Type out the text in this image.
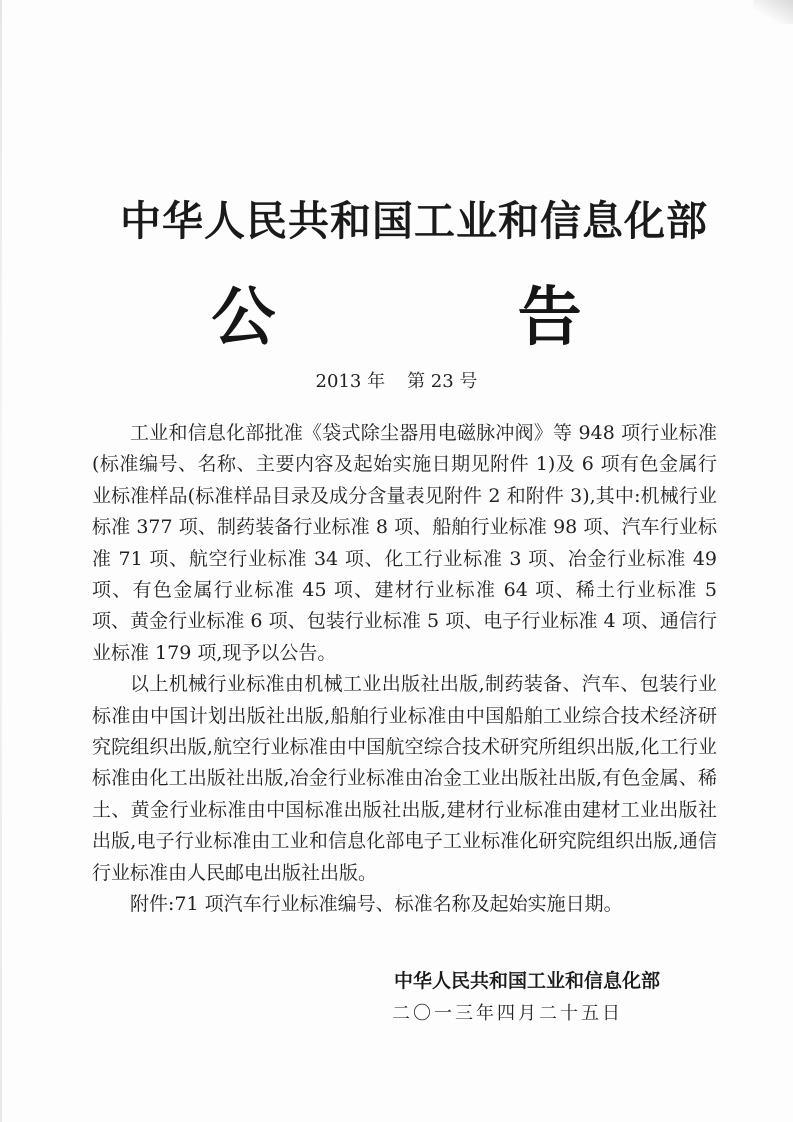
中华人民共和国工业和信息化部
公 告
2013 年 第 23 号

工业和信息化部批准《袋式除尘器用电磁脉冲阀》等 948 项行业标准(标准编号、名称、主要内容及起始实施日期见附件 1)及 6 项有色金属行业标准样品(标准样品目录及成分含量表见附件 2 和附件 3),其中:机械行业标准 377 项、制药装备行业标准 8 项、船舶行业标准 98 项、汽车行业标准 71 项、航空行业标准 34 项、化工行业标准 3 项、冶金行业标准 49 项、有色金属行业标准 45 项、建材行业标准 64 项、稀土行业标准 5 项、黄金行业标准 6 项、包装行业标准 5 项、电子行业标准 4 项、通信行业标准 179 项,现予以公告。

以上机械行业标准由机械工业出版社出版,制药装备、汽车、包装行业标准由中国计划出版社出版,船舶行业标准由中国船舶工业综合技术经济研究院组织出版,航空行业标准由中国航空综合技术研究所组织出版,化工行业标准由化工出版社出版,冶金行业标准由冶金工业出版社出版,有色金属、稀土、黄金行业标准由中国标准出版社出版,建材行业标准由建材工业出版社出版,电子行业标准由工业和信息化部电子工业标准化研究院组织出版,通信行业标准由人民邮电出版社出版。

附件:71 项汽车行业标准编号、标准名称及起始实施日期。

中华人民共和国工业和信息化部
二〇一三年四月二十五日
